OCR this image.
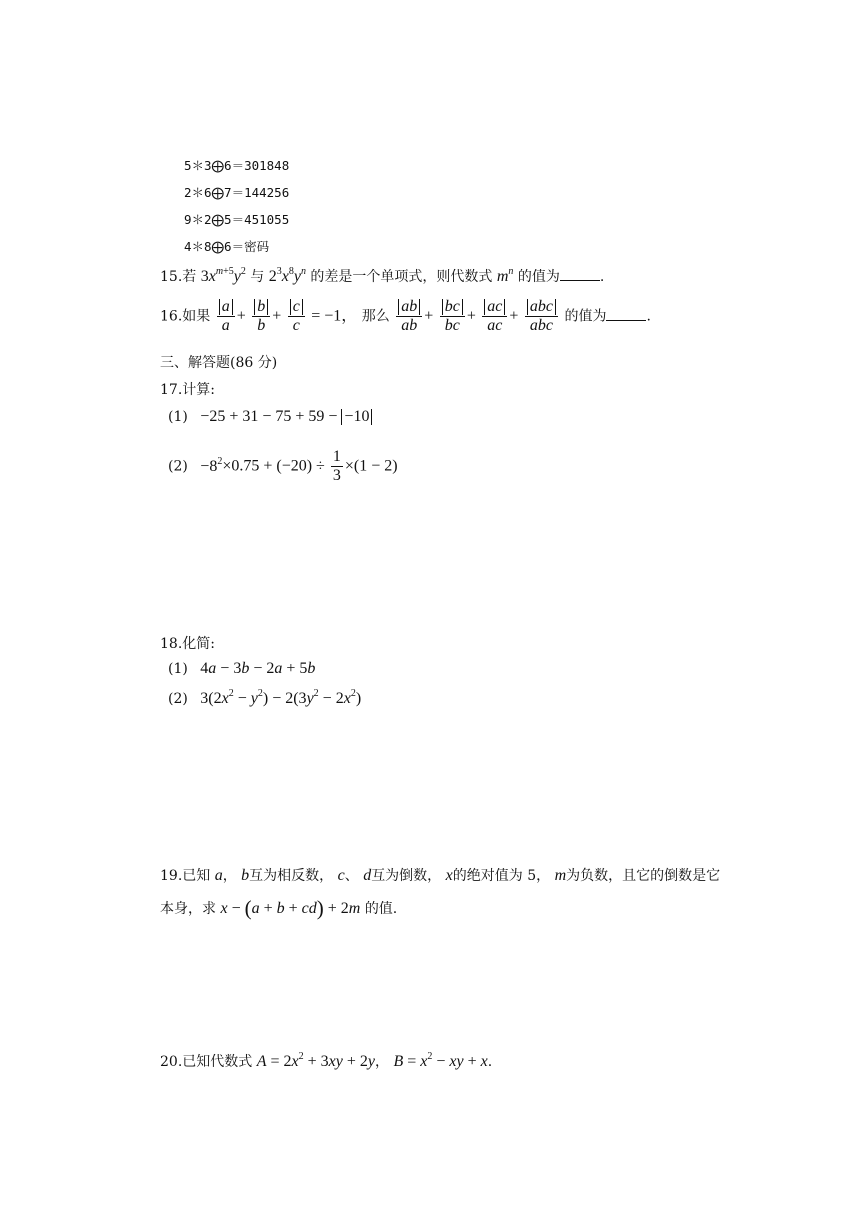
5＊3⨁6＝301848
2＊6⨁7＝144256
9＊2⨁5＝451055
4＊8⨁6＝密码
15.若 $3x^{m+5}y^2$ 与 $2^3x^8y^n$ 的差是一个单项式，则代数式 $m^n$ 的值为	.
16.如果 $\frac{a}{a} + \frac{b}{b} + \frac{c}{c} = -1$， 那么 $\frac{ab}{ab} + \frac{bc}{bc} + \frac{ac}{ac} + \frac{\text{abc}}{\text{abc}}$ 的值为	.
三、解答题(86 分)
17.计算:
(1) −25 + 31 − 75 + 59 − −10
$(2) -8^2\times 0.75 + (-20) \div \frac{1}{3} \times(1 - 2)$
18.化简:
(1) 4a − 3b − 2a + 5b
(2) $3(2x^2 - y^2) - 2(3y^2 - 2x^2)$
19.已知 a， b互为相反数， c、 d互为倒数， x的绝对值为 5， m为负数，且它的倒数是它
本身，求 x − (a + b + cd) + 2m 的值.
20.已知代数式 $A = 2x^2 + 3xy + 2y$， $B = x^2$ − xy + x.
